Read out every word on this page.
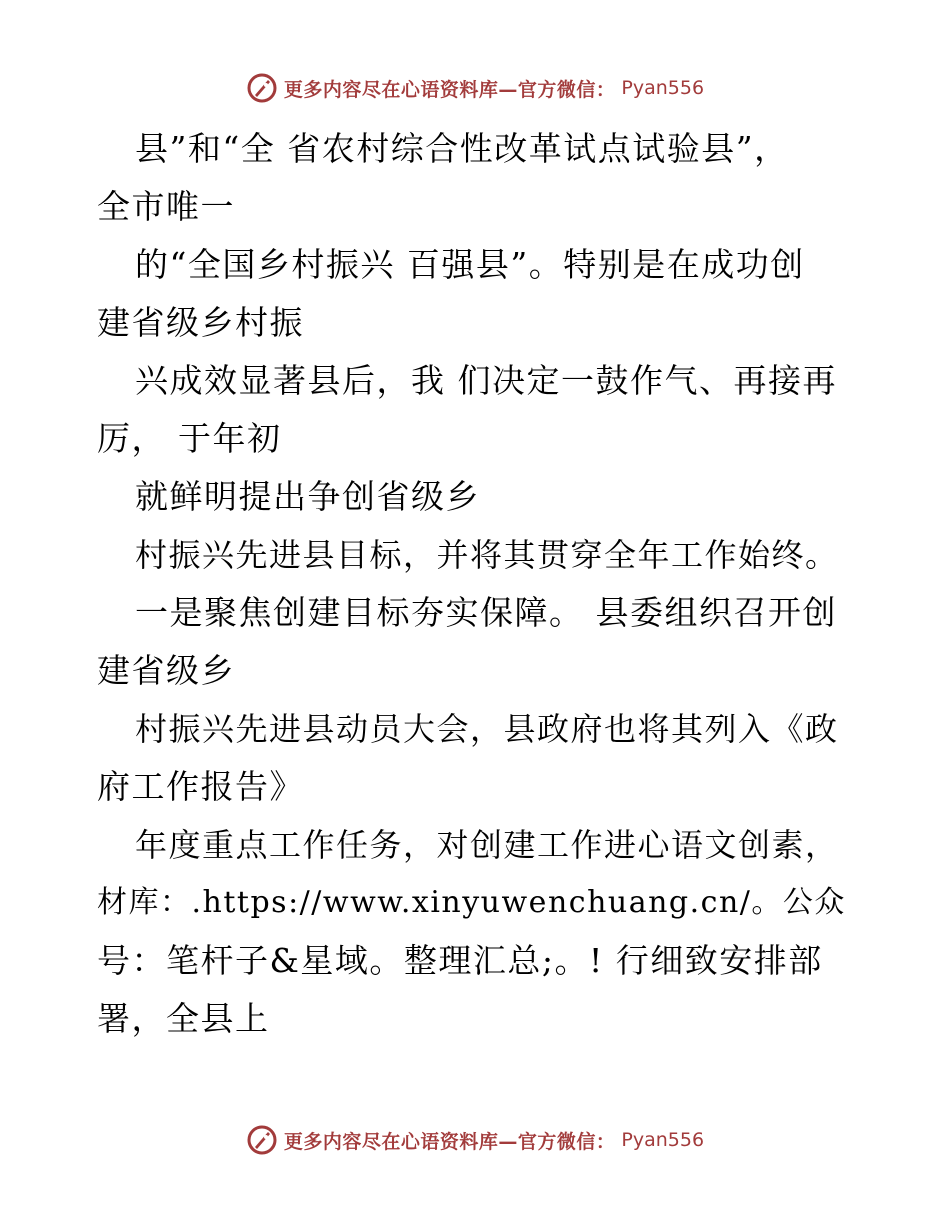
更多内容尽在心语资料库—官方微信： Pyan556
县”和“全 省农村综合性改革试点试验县”，
全市唯一
的“全国乡村振兴 百强县”。特别是在成功创
建省级乡村振
兴成效显著县后，我 们决定一鼓作气、再接再
厉， 于年初
就鲜明提出争创省级乡
村振兴先进县目标，并将其贯穿全年工作始终。
一是聚焦创建目标夯实保障。 县委组织召开创
建省级乡
村振兴先进县动员大会，县政府也将其列入《政
府工作报告》
年度重点工作任务，对创建工作进心语文创素，
材库：.https://www.xinyuwenchuang.cn/。公众
号：笔杆子&星域。整理汇总;。! 行细致安排部
署，全县上
更多内容尽在心语资料库—官方微信： Pyan556
